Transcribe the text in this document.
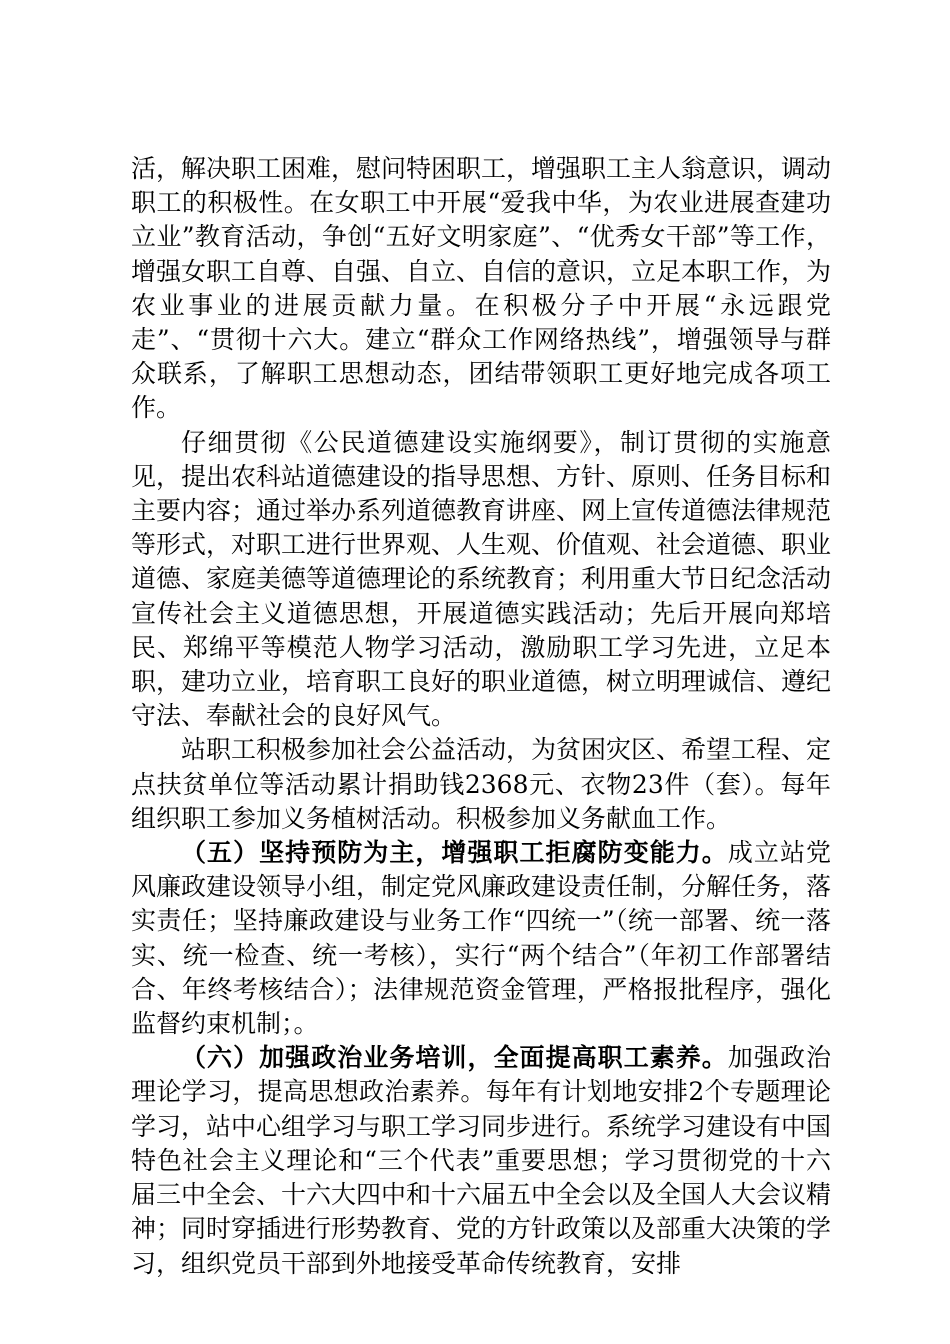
活，解决职工困难，慰问特困职工，增强职工主人翁意识，调动职工的积极性。在女职工中开展“爱我中华，为农业进展查建功立业”教育活动，争创“五好文明家庭”、“优秀女干部”等工作，增强女职工自尊、自强、自立、自信的意识，立足本职工作，为农业事业的进展贡献力量。在积极分子中开展“永远跟党走”、“贯彻十六大。建立“群众工作网络热线”，增强领导与群众联系，了解职工思想动态，团结带领职工更好地完成各项工作。

仔细贯彻《公民道德建设实施纲要》，制订贯彻的实施意见，提出农科站道德建设的指导思想、方针、原则、任务目标和主要内容；通过举办系列道德教育讲座、网上宣传道德法律规范等形式，对职工进行世界观、人生观、价值观、社会道德、职业道德、家庭美德等道德理论的系统教育；利用重大节日纪念活动宣传社会主义道德思想，开展道德实践活动；先后开展向郑培民、郑绵平等模范人物学习活动，激励职工学习先进，立足本职，建功立业，培育职工良好的职业道德，树立明理诚信、遵纪守法、奉献社会的良好风气。

站职工积极参加社会公益活动，为贫困灾区、希望工程、定点扶贫单位等活动累计捐助钱2368元、衣物23件（套）。每年组织职工参加义务植树活动。积极参加义务献血工作。

（五）坚持预防为主，增强职工拒腐防变能力。成立站党风廉政建设领导小组，制定党风廉政建设责任制，分解任务，落实责任；坚持廉政建设与业务工作“四统一”（统一部署、统一落实、统一检查、统一考核），实行“两个结合”（年初工作部署结合、年终考核结合）；法律规范资金管理，严格报批程序，强化监督约束机制；。

（六）加强政治业务培训，全面提高职工素养。加强政治理论学习，提高思想政治素养。每年有计划地安排2个专题理论学习，站中心组学习与职工学习同步进行。系统学习建设有中国特色社会主义理论和“三个代表”重要思想；学习贯彻党的十六届三中全会、十六大四中和十六届五中全会以及全国人大会议精神；同时穿插进行形势教育、党的方针政策以及部重大决策的学习，组织党员干部到外地接受革命传统教育，安排
